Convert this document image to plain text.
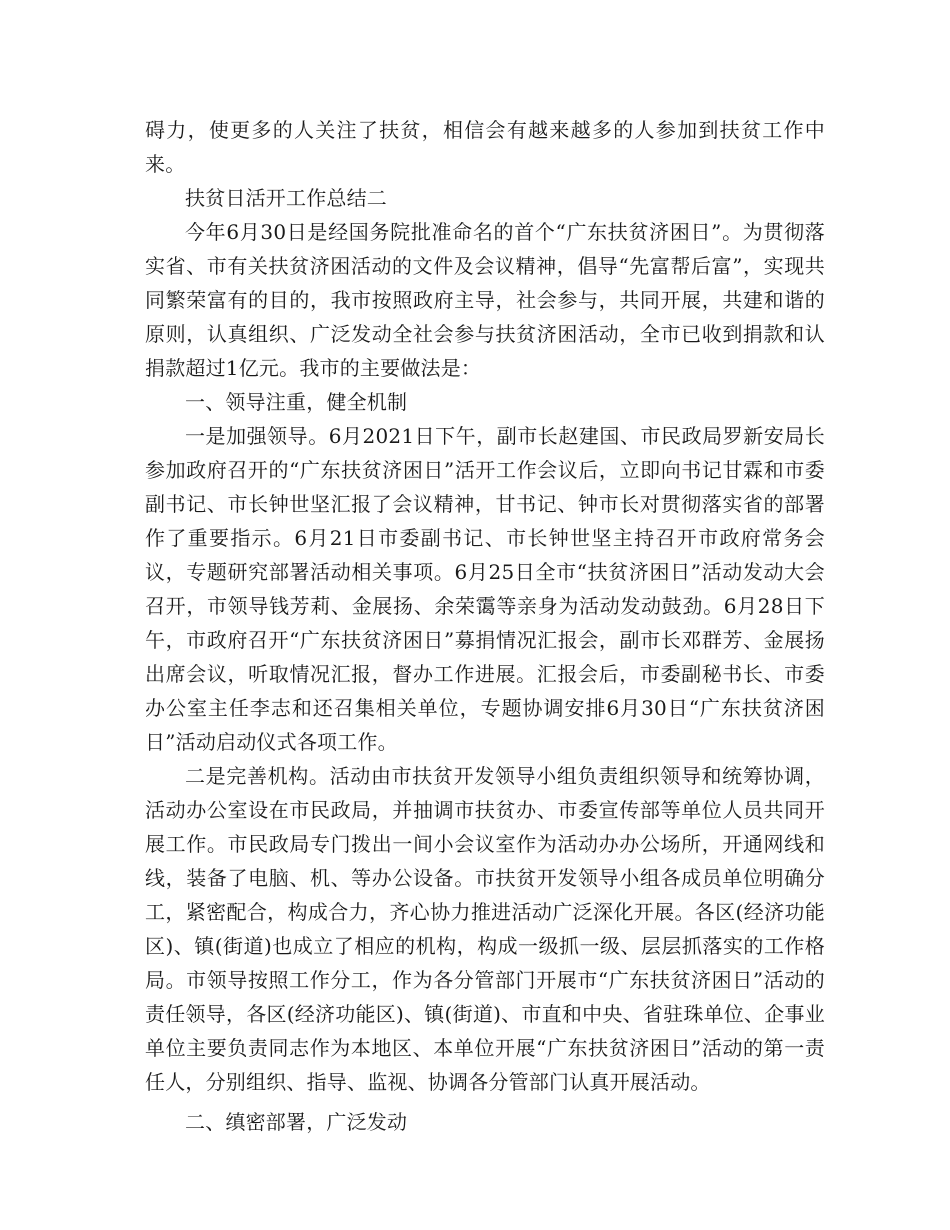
碍力，使更多的人关注了扶贫，相信会有越来越多的人参加到扶贫工作中来。

扶贫日活开工作总结二

今年6月30日是经国务院批准命名的首个“广东扶贫济困日”。为贯彻落实省、市有关扶贫济困活动的文件及会议精神，倡导“先富帮后富”，实现共同繁荣富有的目的，我市按照政府主导，社会参与，共同开展，共建和谐的原则，认真组织、广泛发动全社会参与扶贫济困活动，全市已收到捐款和认捐款超过1亿元。我市的主要做法是：

一、领导注重，健全机制

一是加强领导。6月2021日下午，副市长赵建国、市民政局罗新安局长参加政府召开的“广东扶贫济困日”活开工作会议后，立即向书记甘霖和市委副书记、市长钟世坚汇报了会议精神，甘书记、钟市长对贯彻落实省的部署作了重要指示。6月21日市委副书记、市长钟世坚主持召开市政府常务会议，专题研究部署活动相关事项。6月25日全市“扶贫济困日”活动发动大会召开，市领导钱芳莉、金展扬、余荣霭等亲身为活动发动鼓劲。6月28日下午，市政府召开“广东扶贫济困日”募捐情况汇报会，副市长邓群芳、金展扬出席会议，听取情况汇报，督办工作进展。汇报会后，市委副秘书长、市委办公室主任李志和还召集相关单位，专题协调安排6月30日“广东扶贫济困日”活动启动仪式各项工作。

二是完善机构。活动由市扶贫开发领导小组负责组织领导和统筹协调，活动办公室设在市民政局，并抽调市扶贫办、市委宣传部等单位人员共同开展工作。市民政局专门拨出一间小会议室作为活动办办公场所，开通网线和线，装备了电脑、机、等办公设备。市扶贫开发领导小组各成员单位明确分工，紧密配合，构成合力，齐心协力推进活动广泛深化开展。各区(经济功能区)、镇(街道)也成立了相应的机构，构成一级抓一级、层层抓落实的工作格局。市领导按照工作分工，作为各分管部门开展市“广东扶贫济困日”活动的责任领导，各区(经济功能区)、镇(街道)、市直和中央、省驻珠单位、企事业单位主要负责同志作为本地区、本单位开展“广东扶贫济困日”活动的第一责任人，分别组织、指导、监视、协调各分管部门认真开展活动。

二、缜密部署，广泛发动
